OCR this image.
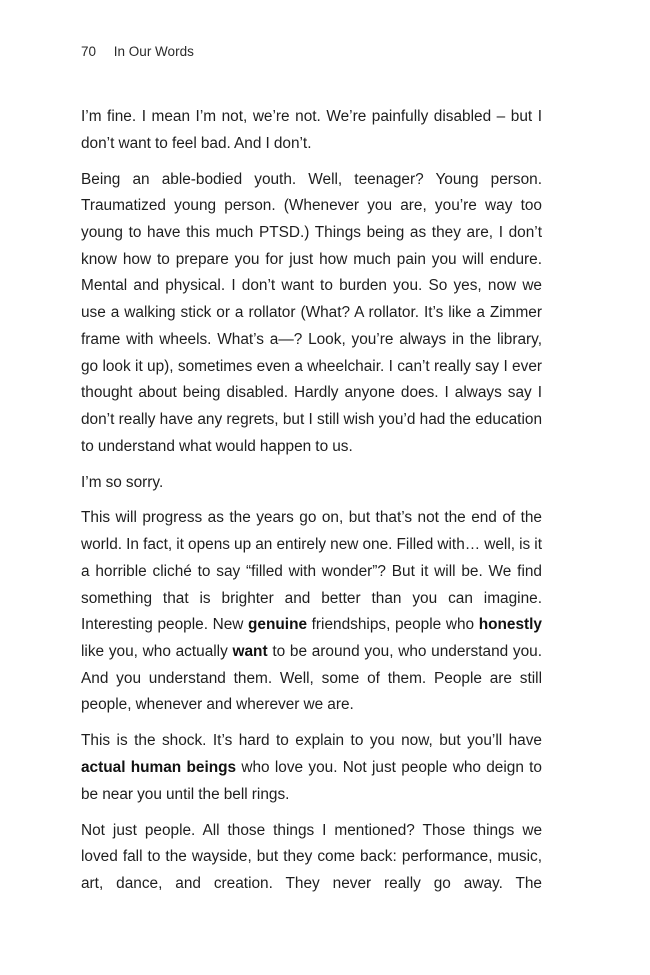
70 In Our Words

I’m fine. I mean I’m not, we’re not. We’re painfully disabled – but I don’t want to feel bad. And I don’t.

Being an able-bodied youth. Well, teenager? Young person. Traumatized young person. (Whenever you are, you’re way too young to have this much PTSD.) Things being as they are, I don’t know how to prepare you for just how much pain you will endure. Mental and physical. I don’t want to burden you. So yes, now we use a walking stick or a rollator (What? A rollator. It’s like a Zimmer frame with wheels. What’s a—? Look, you’re always in the library, go look it up), sometimes even a wheelchair. I can’t really say I ever thought about being disabled. Hardly anyone does. I always say I don’t really have any regrets, but I still wish you’d had the education to understand what would happen to us.

I’m so sorry.

This will progress as the years go on, but that’s not the end of the world. In fact, it opens up an entirely new one. Filled with… well, is it a horrible cliché to say “filled with wonder”? But it will be. We find something that is brighter and better than you can imagine. Interesting people. New genuine friendships, people who honestly like you, who actually want to be around you, who understand you. And you understand them. Well, some of them. People are still people, whenever and wherever we are.

This is the shock. It’s hard to explain to you now, but you’ll have actual human beings who love you. Not just people who deign to be near you until the bell rings.

Not just people. All those things I mentioned? Those things we loved fall to the wayside, but they come back: performance, music, art, dance, and creation. They never really go away. The
